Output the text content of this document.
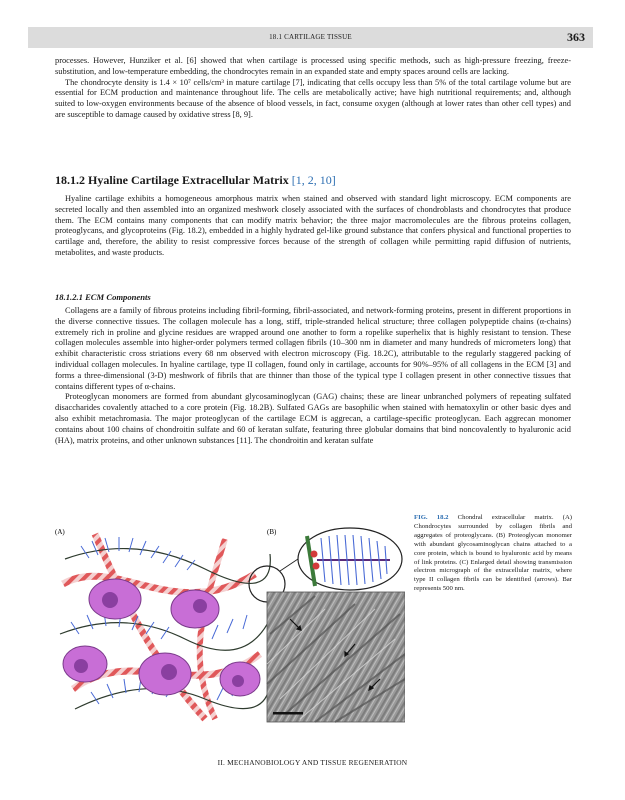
18.1 CARTILAGE TISSUE	363

processes. However, Hunziker et al. [6] showed that when cartilage is processed using specific methods, such as high-pressure freezing, freeze-substitution, and low-temperature embedding, the chondrocytes remain in an expanded state and empty spaces around cells are lacking.

The chondrocyte density is 1.4 × 10⁷ cells/cm³ in mature cartilage [7], indicating that cells occupy less than 5% of the total cartilage volume but are essential for ECM production and maintenance throughout life. The cells are metabolically active; have high nutritional requirements; and, although suited to low-oxygen environments because of the absence of blood vessels, in fact, consume oxygen (although at lower rates than other cell types) and are susceptible to damage caused by oxidative stress [8, 9].

18.1.2 Hyaline Cartilage Extracellular Matrix [1, 2, 10]

Hyaline cartilage exhibits a homogeneous amorphous matrix when stained and observed with standard light microscopy. ECM components are secreted locally and then assembled into an organized meshwork closely associated with the surfaces of chondroblasts and chondrocytes that produce them. The ECM contains many components that can modify matrix behavior; the three major macromolecules are the fibrous proteins collagen, proteoglycans, and glycoproteins (Fig. 18.2), embedded in a highly hydrated gel-like ground substance that confers physical and functional properties to cartilage and, therefore, the ability to resist compressive forces because of the strength of collagen while permitting rapid diffusion of nutrients, metabolites, and waste products.

18.1.2.1 ECM Components

Collagens are a family of fibrous proteins including fibril-forming, fibril-associated, and network-forming proteins, present in different proportions in the diverse connective tissues. The collagen molecule has a long, stiff, triple-stranded helical structure; three collagen polypeptide chains (α-chains) extremely rich in proline and glycine residues are wrapped around one another to form a ropelike superhelix that is highly resistant to tension. These collagen molecules assemble into higher-order polymers termed collagen fibrils (10–300 nm in diameter and many hundreds of micrometers long) that exhibit characteristic cross striations every 68 nm observed with electron microscopy (Fig. 18.2C), attributable to the regularly staggered packing of individual collagen molecules. In hyaline cartilage, type II collagen, found only in cartilage, accounts for 90%–95% of all collagens in the ECM [3] and forms a three-dimensional (3-D) meshwork of fibrils that are thinner than those of the typical type I collagen present in other connective tissues that contains different types of α-chains.

Proteoglycan monomers are formed from abundant glycosaminoglycan (GAG) chains; these are linear unbranched polymers of repeating sulfated disaccharides covalently attached to a core protein (Fig. 18.2B). Sulfated GAGs are basophilic when stained with hematoxylin or other basic dyes and also exhibit metachromasia. The major proteoglycan of the cartilage ECM is aggrecan, a cartilage-specific proteoglycan. Each aggrecan monomer contains about 100 chains of chondroitin sulfate and 60 of keratan sulfate, featuring three globular domains that bind noncovalently to hyaluronic acid (HA), matrix proteins, and other unknown substances [11]. The chondroitin and keratan sulfate

(A)	(B)
FIG. 18.2 Chondral extracellular matrix. (A) Chondrocytes surrounded by collagen fibrils and aggregates of proteoglycans. (B) Proteoglycan monomer with abundant glycosaminoglycan chains attached to a core protein, which is bound to hyaluronic acid by means of link proteins. (C) Enlarged detail showing transmission electron micrograph of the extracellular matrix, where type II collagen fibrils can be identified (arrows). Bar represents 500 nm.
II. MECHANOBIOLOGY AND TISSUE REGENERATION
